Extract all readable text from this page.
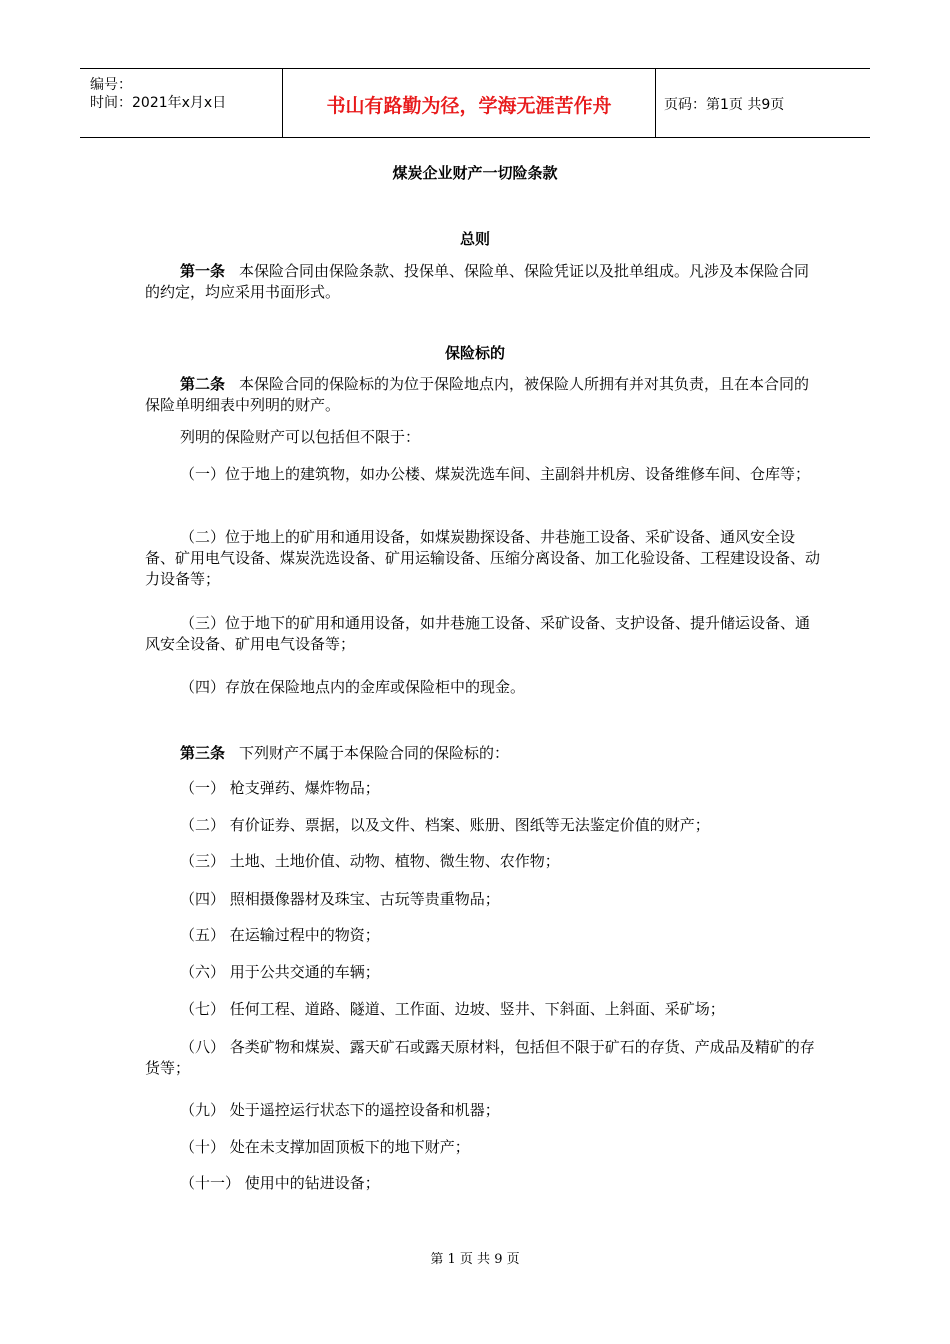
编号：
时间：2021年x月x日	书山有路勤为径，学海无涯苦作舟	页码：第1页 共9页
煤炭企业财产一切险条款
总则
第一条 本保险合同由保险条款、投保单、保险单、保险凭证以及批单组成。凡涉及本保险合同的约定，均应采用书面形式。
保险标的
第二条 本保险合同的保险标的为位于保险地点内，被保险人所拥有并对其负责，且在本合同的保险单明细表中列明的财产。
列明的保险财产可以包括但不限于：
（一）位于地上的建筑物，如办公楼、煤炭洗选车间、主副斜井机房、设备维修车间、仓库等；
（二）位于地上的矿用和通用设备，如煤炭勘探设备、井巷施工设备、采矿设备、通风安全设备、矿用电气设备、煤炭洗选设备、矿用运输设备、压缩分离设备、加工化验设备、工程建设设备、动力设备等；
（三）位于地下的矿用和通用设备，如井巷施工设备、采矿设备、支护设备、提升储运设备、通风安全设备、矿用电气设备等；
（四）存放在保险地点内的金库或保险柜中的现金。
第三条 下列财产不属于本保险合同的保险标的：
（一） 枪支弹药、爆炸物品；
（二） 有价证券、票据，以及文件、档案、账册、图纸等无法鉴定价值的财产；
（三） 土地、土地价值、动物、植物、微生物、农作物；
（四） 照相摄像器材及珠宝、古玩等贵重物品；
（五） 在运输过程中的物资；
（六） 用于公共交通的车辆；
（七） 任何工程、道路、隧道、工作面、边坡、竖井、下斜面、上斜面、采矿场；
（八） 各类矿物和煤炭、露天矿石或露天原材料，包括但不限于矿石的存货、产成品及精矿的存货等；
（九） 处于遥控运行状态下的遥控设备和机器；
（十） 处在未支撑加固顶板下的地下财产；
（十一） 使用中的钻进设备；
第 1 页 共 9 页
